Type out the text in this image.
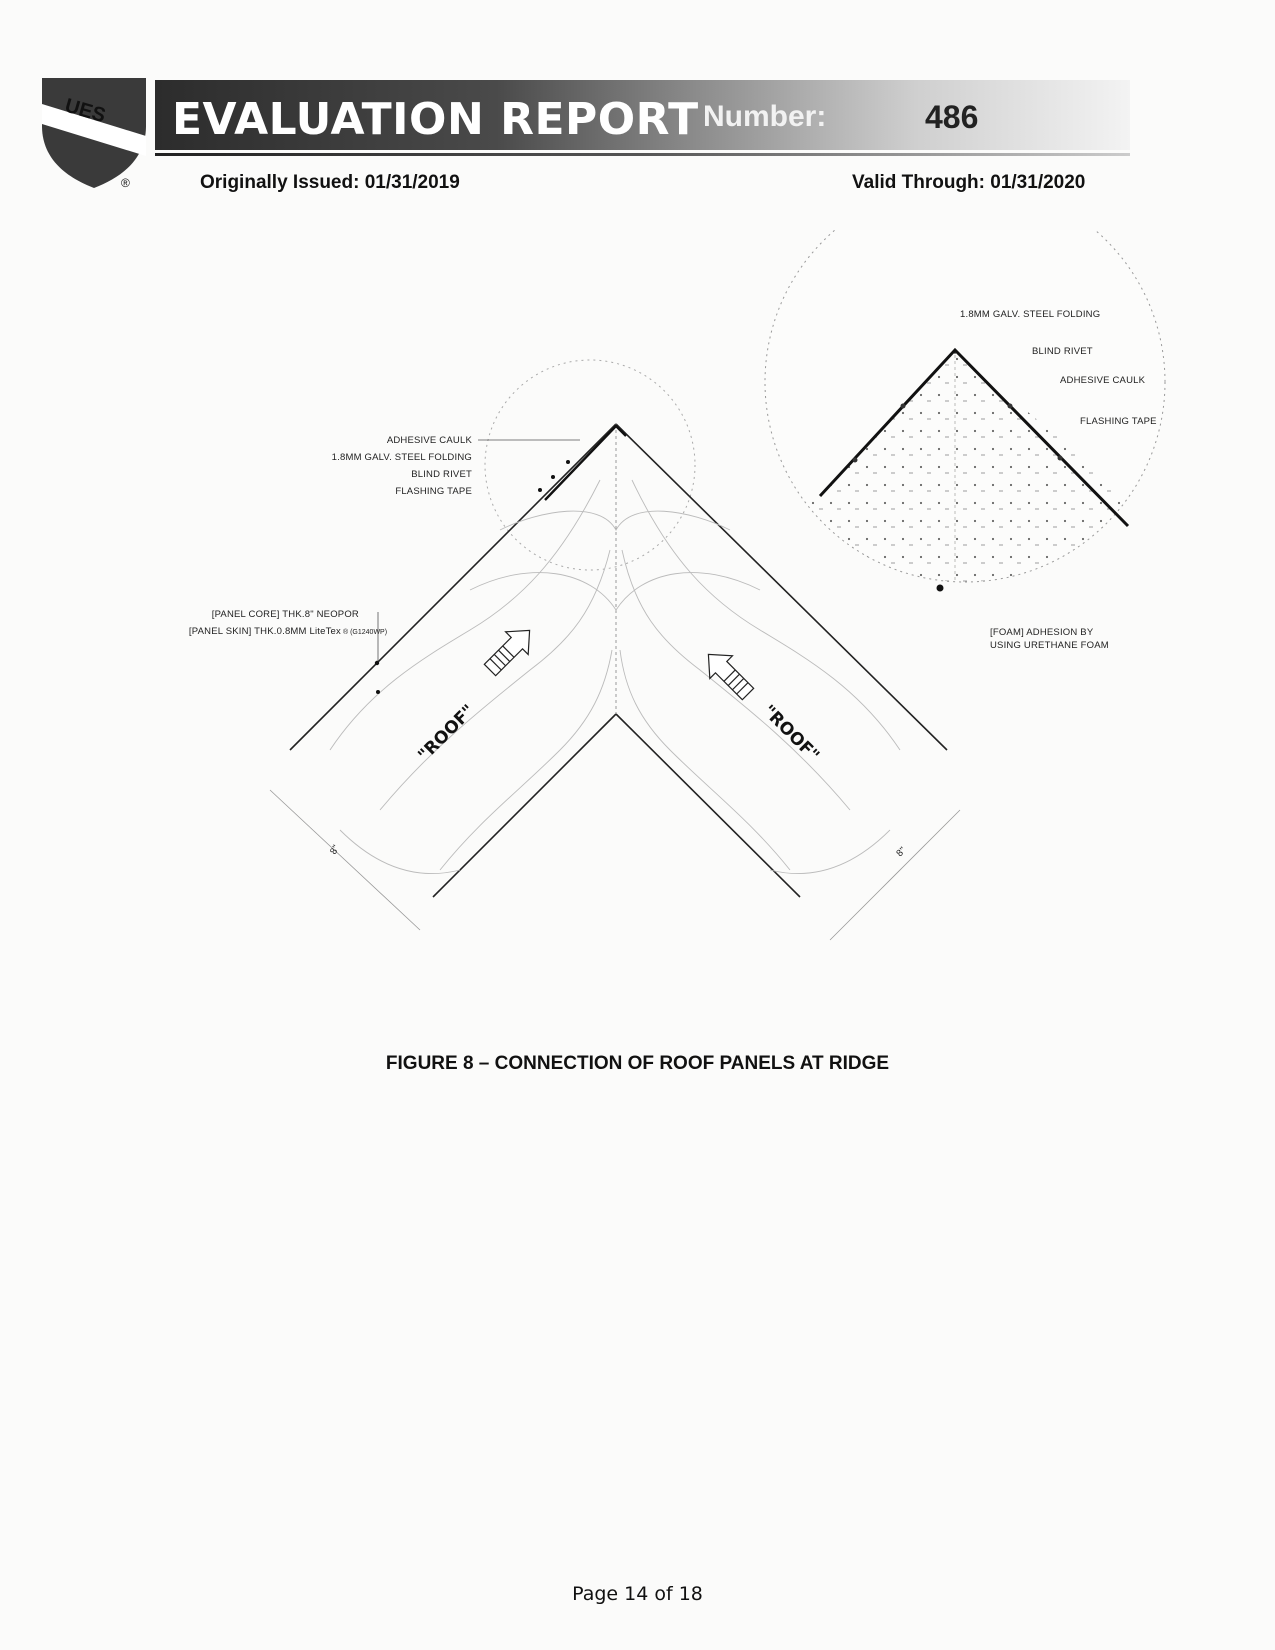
UES
®
EVALUATION REPORT Number:	486
Originally Issued: 01/31/2019	Valid Through: 01/31/2020
ADHESIVE CAULK
1.8MM GALV. STEEL FOLDING
BLIND RIVET
FLASHING TAPE
[PANEL CORE] THK.8" NEOPOR
[PANEL SKIN] THK.0.8MM LiteTex ® (G1240WP)
"ROOF"	"ROOF"
8"	8"
1.8MM GALV. STEEL FOLDING
BLIND RIVET
ADHESIVE CAULK
FLASHING TAPE
[FOAM] ADHESION BY
USING URETHANE FOAM
FIGURE 8 – CONNECTION OF ROOF PANELS AT RIDGE
Page 14 of 18
